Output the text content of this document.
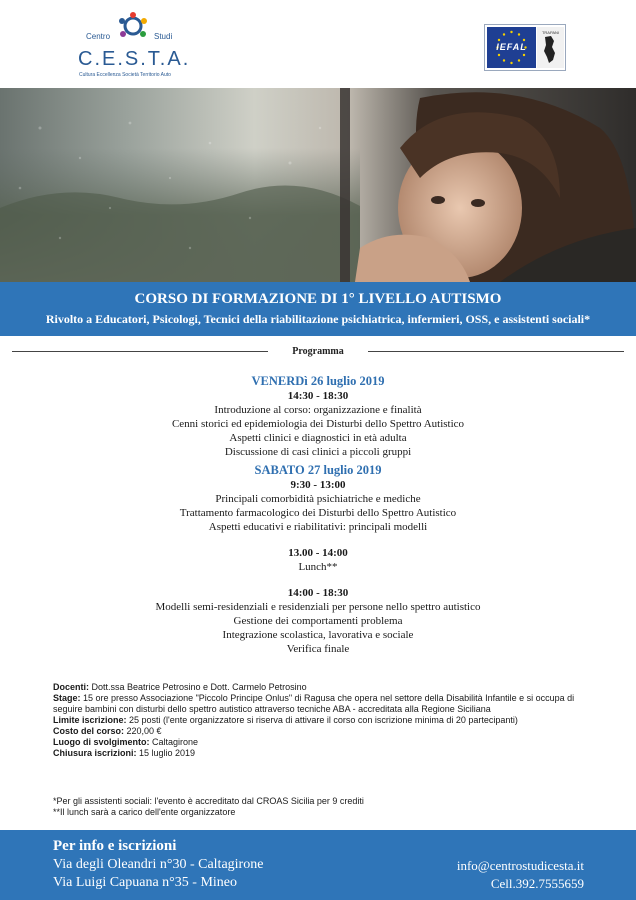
Centro	Studi
C.E.S.T.A.
Cultura Eccellenza Società Territorio Auto
IEFAL
TRAPANI
CORSO DI FORMAZIONE DI 1° LIVELLO AUTISMO
Rivolto a Educatori, Psicologi, Tecnici della riabilitazione psichiatrica, infermieri, OSS, e assistenti sociali*
Programma
VENERDì 26 luglio 2019
14:30 - 18:30
Introduzione al corso: organizzazione e finalità
Cenni storici ed epidemiologia dei Disturbi dello Spettro Autistico
Aspetti clinici e diagnostici in età adulta
Discussione di casi clinici a piccoli gruppi
SABATO 27 luglio 2019
9:30 - 13:00
Principali comorbidità psichiatriche e mediche
Trattamento farmacologico dei Disturbi dello Spettro Autistico
Aspetti educativi e riabilitativi: principali modelli
13.00 - 14:00
Lunch**
14:00 - 18:30
Modelli semi-residenziali e residenziali per persone nello spettro autistico
Gestione dei comportamenti problema
Integrazione scolastica, lavorativa e sociale
Verifica finale
Docenti: Dott.ssa Beatrice Petrosino e Dott. Carmelo Petrosino
Stage: 15 ore presso Associazione "Piccolo Principe Onlus" di Ragusa che opera nel settore della Disabilità Infantile e si occupa di seguire bambini con disturbi dello spettro autistico attraverso tecniche ABA - accreditata alla Regione Siciliana
Limite iscrizione: 25 posti (l'ente organizzatore si riserva di attivare il corso con iscrizione minima di 20 partecipanti)
Costo del corso: 220,00 €
Luogo di svolgimento: Caltagirone
Chiusura iscrizioni: 15 luglio 2019
*Per gli assistenti sociali: l'evento è accreditato dal CROAS Sicilia per 9 crediti
**Il lunch sarà a carico dell'ente organizzatore
Per info e iscrizioni
Via degli Oleandri n°30 - Caltagirone
Via Luigi Capuana n°35 - Mineo
info@centrostudicesta.it
Cell.392.7555659
